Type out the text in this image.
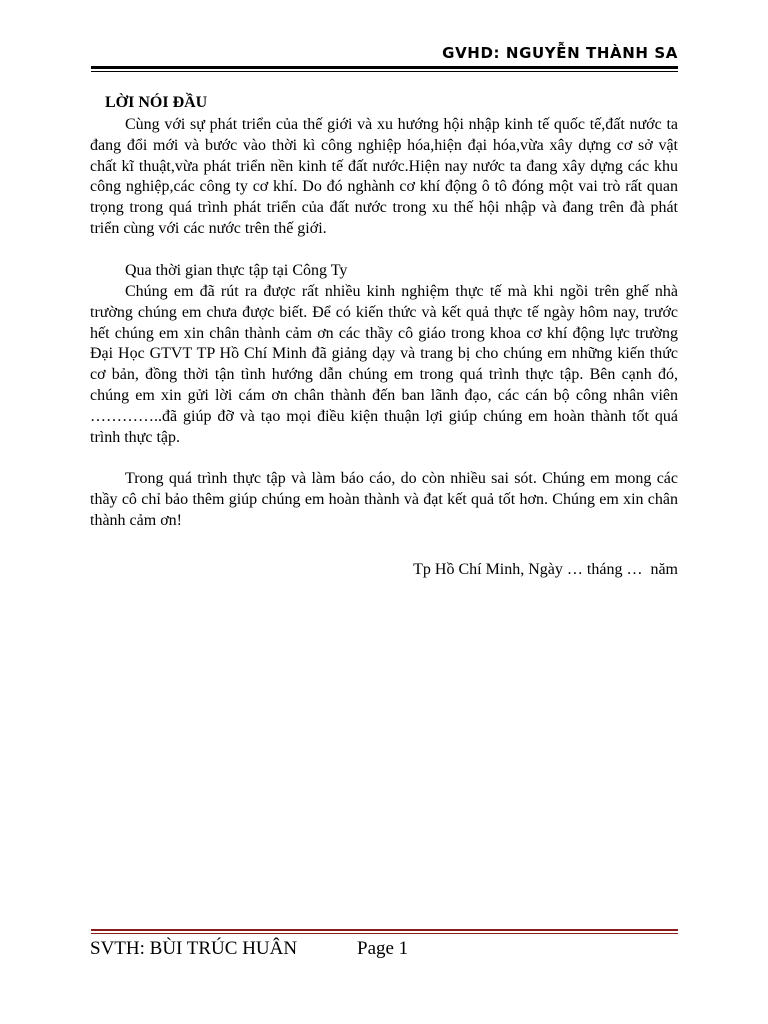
GVHD: NGUYỄN THÀNH SA
LỜI NÓI ĐẦU

Cùng với sự phát triển của thế giới và xu hướng hội nhập kinh tế quốc tế,đất nước ta đang đổi mới và bước vào thời kì công nghiệp hóa,hiện đại hóa,vừa xây dựng cơ sở vật chất kĩ thuật,vừa phát triển nền kinh tế đất nước.Hiện nay nước ta đang xây dựng các khu công nghiệp,các công ty cơ khí. Do đó nghành cơ khí động ô tô đóng một vai trò rất quan trọng trong quá trình phát triển của đất nước trong xu thế hội nhập và đang trên đà phát triển cùng với các nước trên thế giới.

Qua thời gian thực tập tại Công Ty

Chúng em đã rút ra được rất nhiều kinh nghiệm thực tế mà khi ngồi trên ghế nhà trường chúng em chưa được biết. Để có kiến thức và kết quả thực tế ngày hôm nay, trước hết chúng em xin chân thành cảm ơn các thầy cô giáo trong khoa cơ khí động lực trường Đại Học GTVT TP Hồ Chí Minh đã giảng dạy và trang bị cho chúng em những kiến thức cơ bản, đồng thời tận tình hướng dẫn chúng em trong quá trình thực tập. Bên cạnh đó, chúng em xin gửi lời cám ơn chân thành đến ban lãnh đạo, các cán bộ công nhân viên …………..đã giúp đỡ và tạo mọi điều kiện thuận lợi giúp chúng em hoàn thành tốt quá trình thực tập.

Trong quá trình thực tập và làm báo cáo, do còn nhiều sai sót. Chúng em mong các thầy cô chỉ bảo thêm giúp chúng em hoàn thành và đạt kết quả tốt hơn. Chúng em xin chân thành cảm ơn!

Tp Hồ Chí Minh, Ngày … tháng …  năm
SVTH: BÙI TRÚC HUÂN	Page 1
